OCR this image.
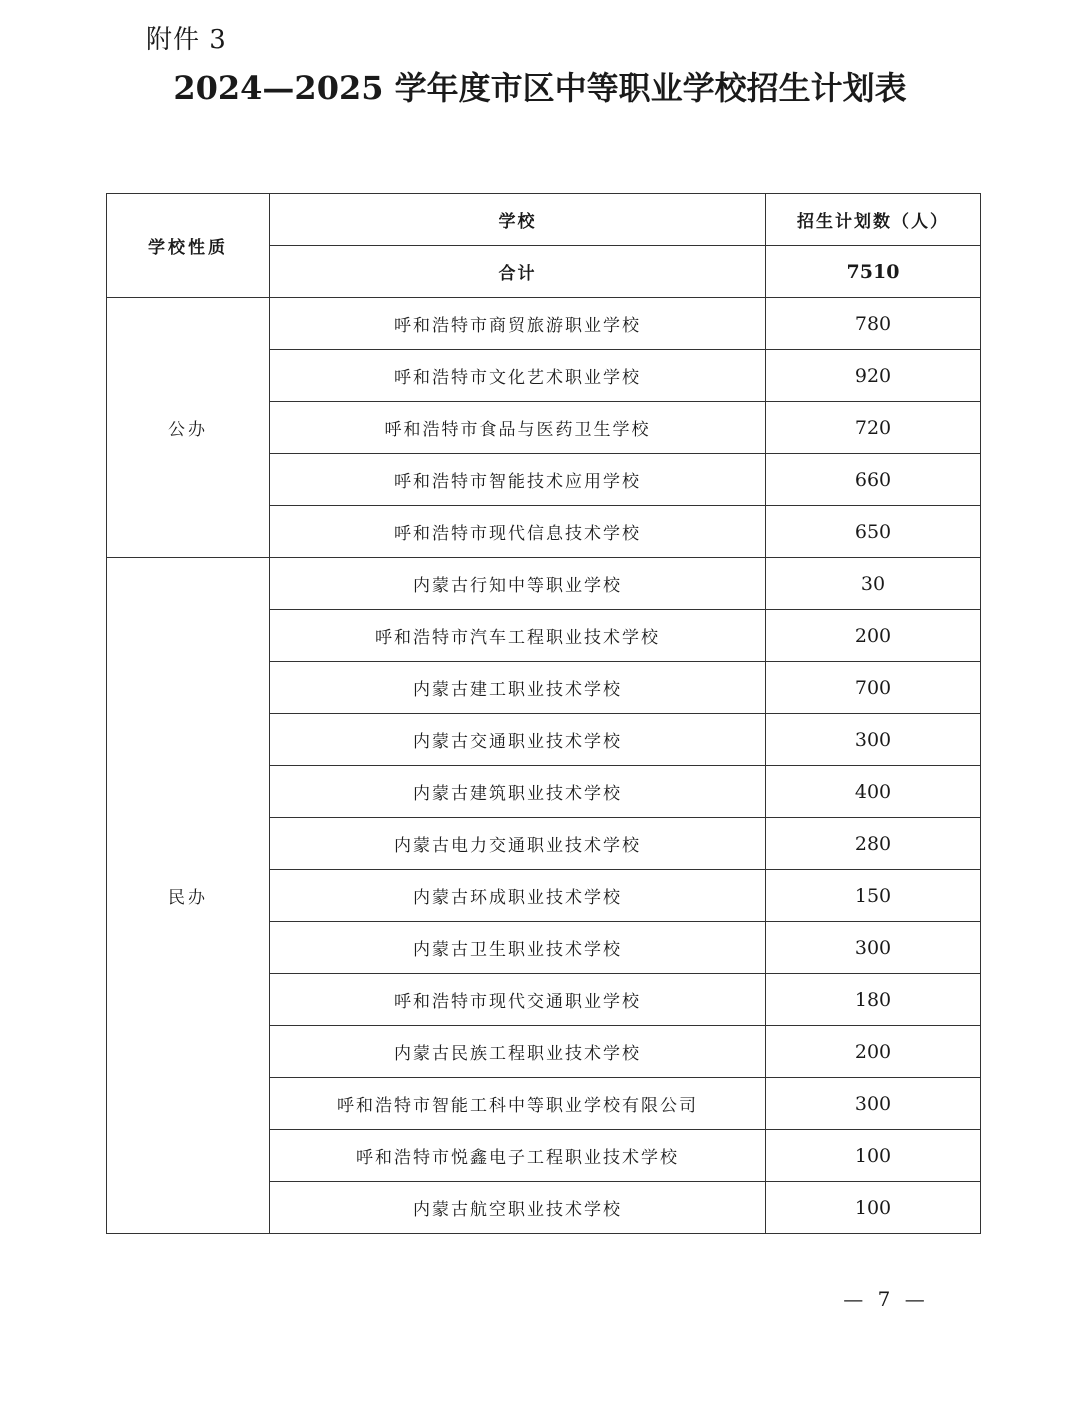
附件 3
2024—2025 学年度市区中等职业学校招生计划表
学校性质	学校	招生计划数（人）
	合计	7510
公办	呼和浩特市商贸旅游职业学校	780
	呼和浩特市文化艺术职业学校	920
	呼和浩特市食品与医药卫生学校	720
	呼和浩特市智能技术应用学校	660
	呼和浩特市现代信息技术学校	650
民办	内蒙古行知中等职业学校	30
	呼和浩特市汽车工程职业技术学校	200
	内蒙古建工职业技术学校	700
	内蒙古交通职业技术学校	300
	内蒙古建筑职业技术学校	400
	内蒙古电力交通职业技术学校	280
	内蒙古环成职业技术学校	150
	内蒙古卫生职业技术学校	300
	呼和浩特市现代交通职业学校	180
	内蒙古民族工程职业技术学校	200
	呼和浩特市智能工科中等职业学校有限公司	300
	呼和浩特市悦鑫电子工程职业技术学校	100
	内蒙古航空职业技术学校	100
— 7 —
